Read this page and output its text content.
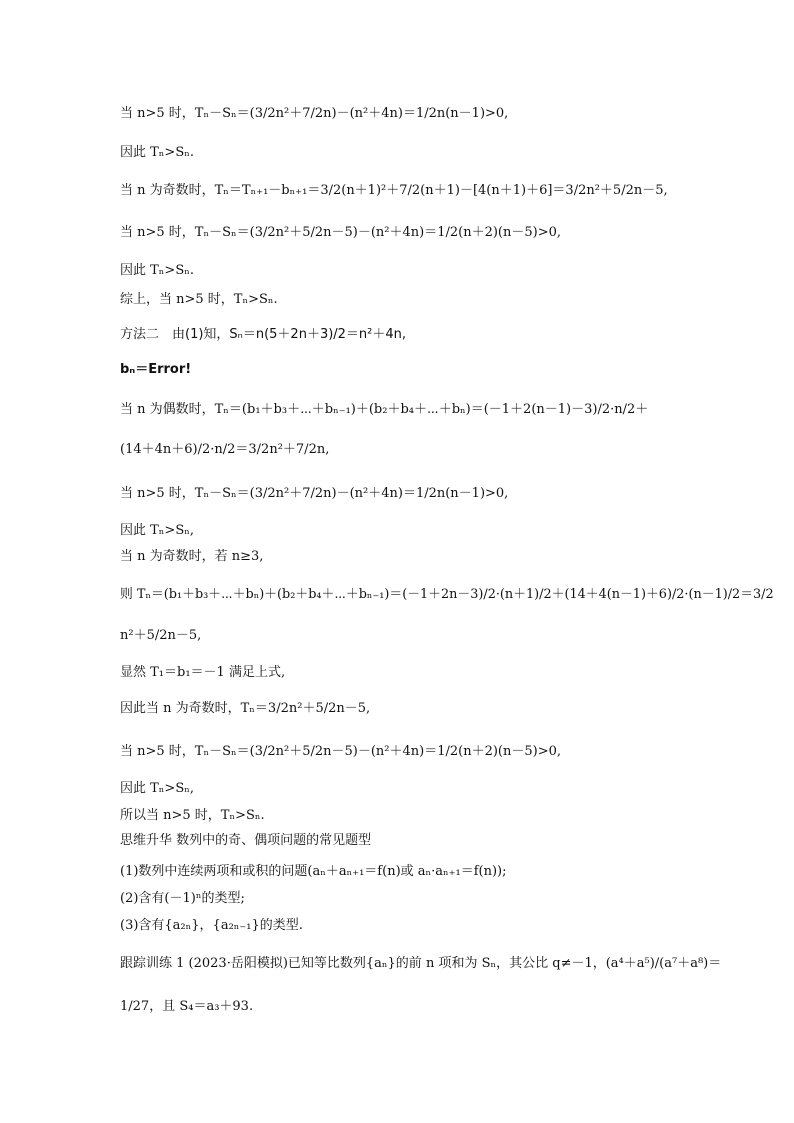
当 n>5 时，Tₙ－Sₙ＝(3/2n²＋7/2n)－(n²＋4n)＝1/2n(n－1)>0,
因此 Tₙ>Sₙ.
当 n 为奇数时，Tₙ＝Tₙ₊₁－bₙ₊₁＝3/2(n＋1)²＋7/2(n＋1)－[4(n＋1)＋6]＝3/2n²＋5/2n－5,
当 n>5 时，Tₙ－Sₙ＝(3/2n²＋5/2n－5)－(n²＋4n)＝1/2(n＋2)(n－5)>0,
因此 Tₙ>Sₙ.
综上，当 n>5 时，Tₙ>Sₙ.
方法二　由(1)知，Sₙ＝n(5＋2n＋3)/2＝n²＋4n,
bₙ＝Error!
当 n 为偶数时，Tₙ＝(b₁＋b₃＋⋯＋bₙ₋₁)＋(b₂＋b₄＋⋯＋bₙ)＝(－1＋2(n－1)－3)/2·n/2＋
(14＋4n＋6)/2·n/2＝3/2n²＋7/2n,
当 n>5 时，Tₙ－Sₙ＝(3/2n²＋7/2n)－(n²＋4n)＝1/2n(n－1)>0,
因此 Tₙ>Sₙ,
当 n 为奇数时，若 n≥3,
则 Tₙ＝(b₁＋b₃＋⋯＋bₙ)＋(b₂＋b₄＋⋯＋bₙ₋₁)＝(－1＋2n－3)/2·(n＋1)/2＋(14＋4(n－1)＋6)/2·(n－1)/2＝3/2
n²＋5/2n－5,
显然 T₁＝b₁＝－1 满足上式,
因此当 n 为奇数时，Tₙ＝3/2n²＋5/2n－5,
当 n>5 时，Tₙ－Sₙ＝(3/2n²＋5/2n－5)－(n²＋4n)＝1/2(n＋2)(n－5)>0,
因此 Tₙ>Sₙ,
所以当 n>5 时，Tₙ>Sₙ.
思维升华 数列中的奇、偶项问题的常见题型
(1)数列中连续两项和或积的问题(aₙ＋aₙ₊₁＝f(n)或 aₙ·aₙ₊₁＝f(n));
(2)含有(－1)ⁿ的类型;
(3)含有{a₂ₙ}，{a₂ₙ₋₁}的类型.
跟踪训练 1 (2023·岳阳模拟)已知等比数列{aₙ}的前 n 项和为 Sₙ，其公比 q≠－1，(a⁴＋a⁵)/(a⁷＋a⁸)＝
1/27，且 S₄＝a₃＋93.
